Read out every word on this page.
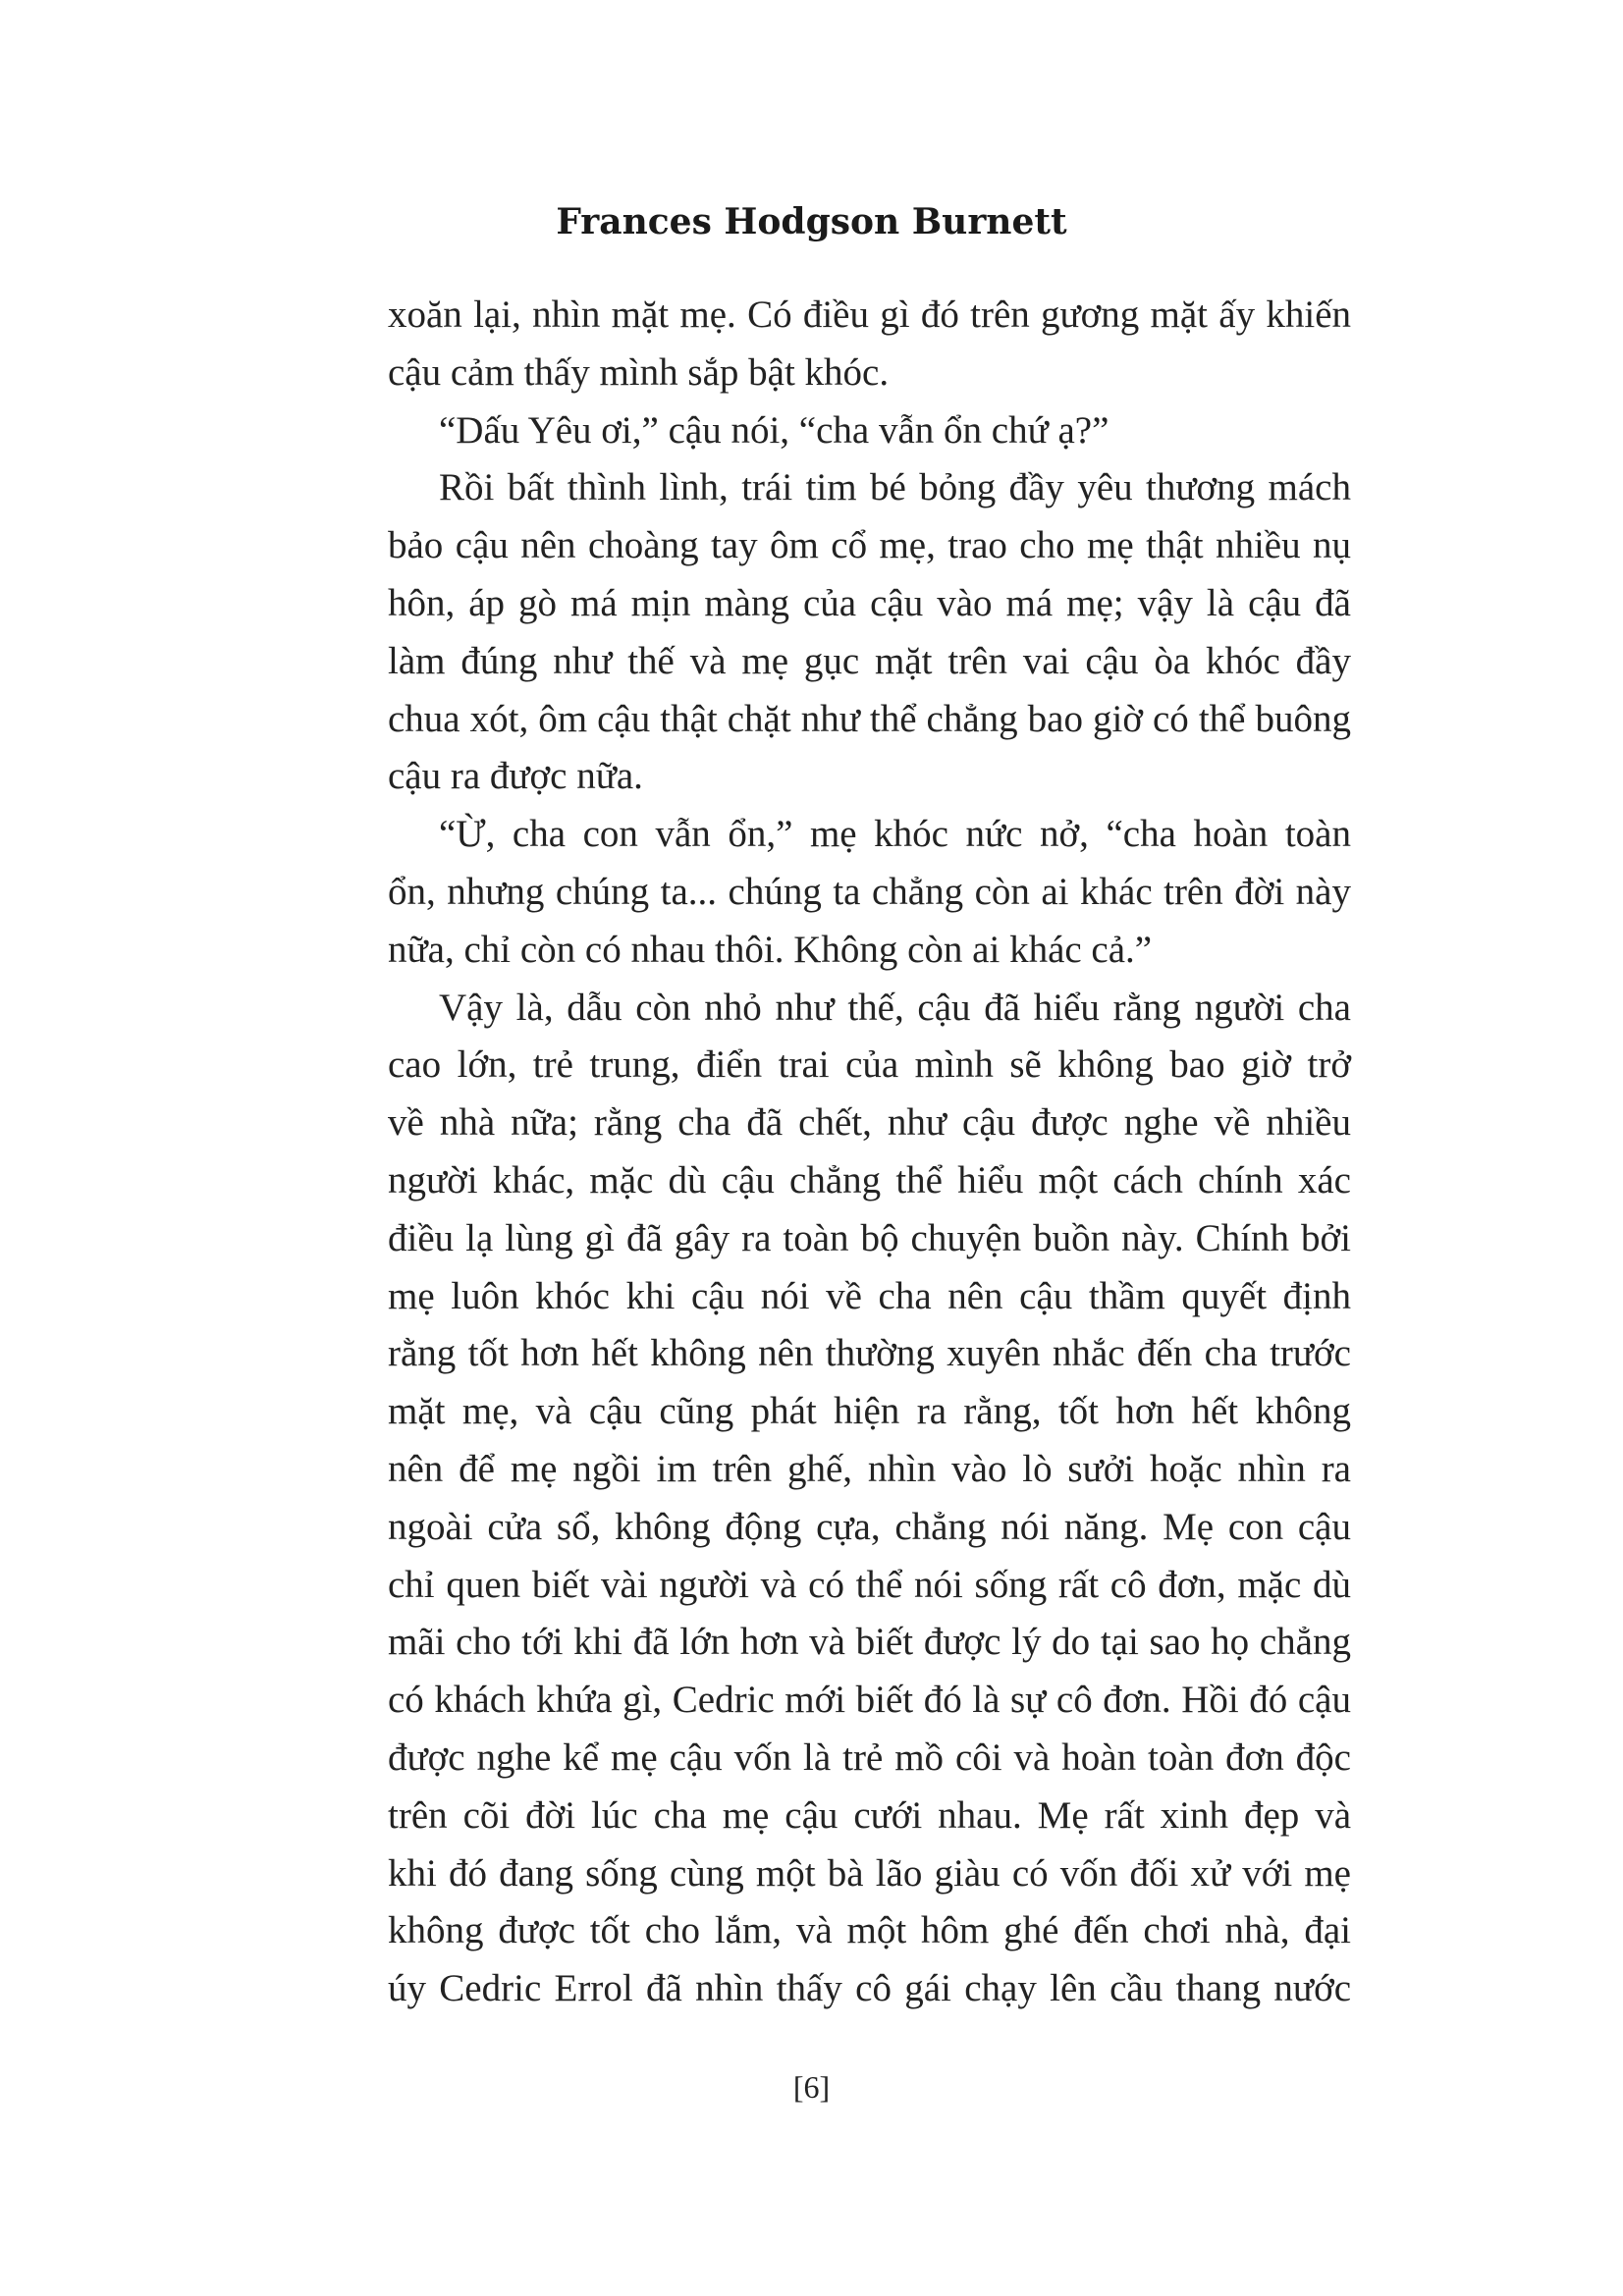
Frances Hodgson Burnett
xoăn lại, nhìn mặt mẹ. Có điều gì đó trên gương mặt ấy khiến
cậu cảm thấy mình sắp bật khóc.
“Dấu Yêu ơi,” cậu nói, “cha vẫn ổn chứ ạ?”
Rồi bất thình lình, trái tim bé bỏng đầy yêu thương mách
bảo cậu nên choàng tay ôm cổ mẹ, trao cho mẹ thật nhiều nụ
hôn, áp gò má mịn màng của cậu vào má mẹ; vậy là cậu đã
làm đúng như thế và mẹ gục mặt trên vai cậu òa khóc đầy
chua xót, ôm cậu thật chặt như thể chẳng bao giờ có thể buông
cậu ra được nữa.
“Ừ, cha con vẫn ổn,” mẹ khóc nức nở, “cha hoàn toàn
ổn, nhưng chúng ta... chúng ta chẳng còn ai khác trên đời này
nữa, chỉ còn có nhau thôi. Không còn ai khác cả.”
Vậy là, dẫu còn nhỏ như thế, cậu đã hiểu rằng người cha
cao lớn, trẻ trung, điển trai của mình sẽ không bao giờ trở
về nhà nữa; rằng cha đã chết, như cậu được nghe về nhiều
người khác, mặc dù cậu chẳng thể hiểu một cách chính xác
điều lạ lùng gì đã gây ra toàn bộ chuyện buồn này. Chính bởi
mẹ luôn khóc khi cậu nói về cha nên cậu thầm quyết định
rằng tốt hơn hết không nên thường xuyên nhắc đến cha trước
mặt mẹ, và cậu cũng phát hiện ra rằng, tốt hơn hết không
nên để mẹ ngồi im trên ghế, nhìn vào lò sưởi hoặc nhìn ra
ngoài cửa sổ, không động cựa, chẳng nói năng. Mẹ con cậu
chỉ quen biết vài người và có thể nói sống rất cô đơn, mặc dù
mãi cho tới khi đã lớn hơn và biết được lý do tại sao họ chẳng
có khách khứa gì, Cedric mới biết đó là sự cô đơn. Hồi đó cậu
được nghe kể mẹ cậu vốn là trẻ mồ côi và hoàn toàn đơn độc
trên cõi đời lúc cha mẹ cậu cưới nhau. Mẹ rất xinh đẹp và
khi đó đang sống cùng một bà lão giàu có vốn đối xử với mẹ
không được tốt cho lắm, và một hôm ghé đến chơi nhà, đại
úy Cedric Errol đã nhìn thấy cô gái chạy lên cầu thang nước
[6]
